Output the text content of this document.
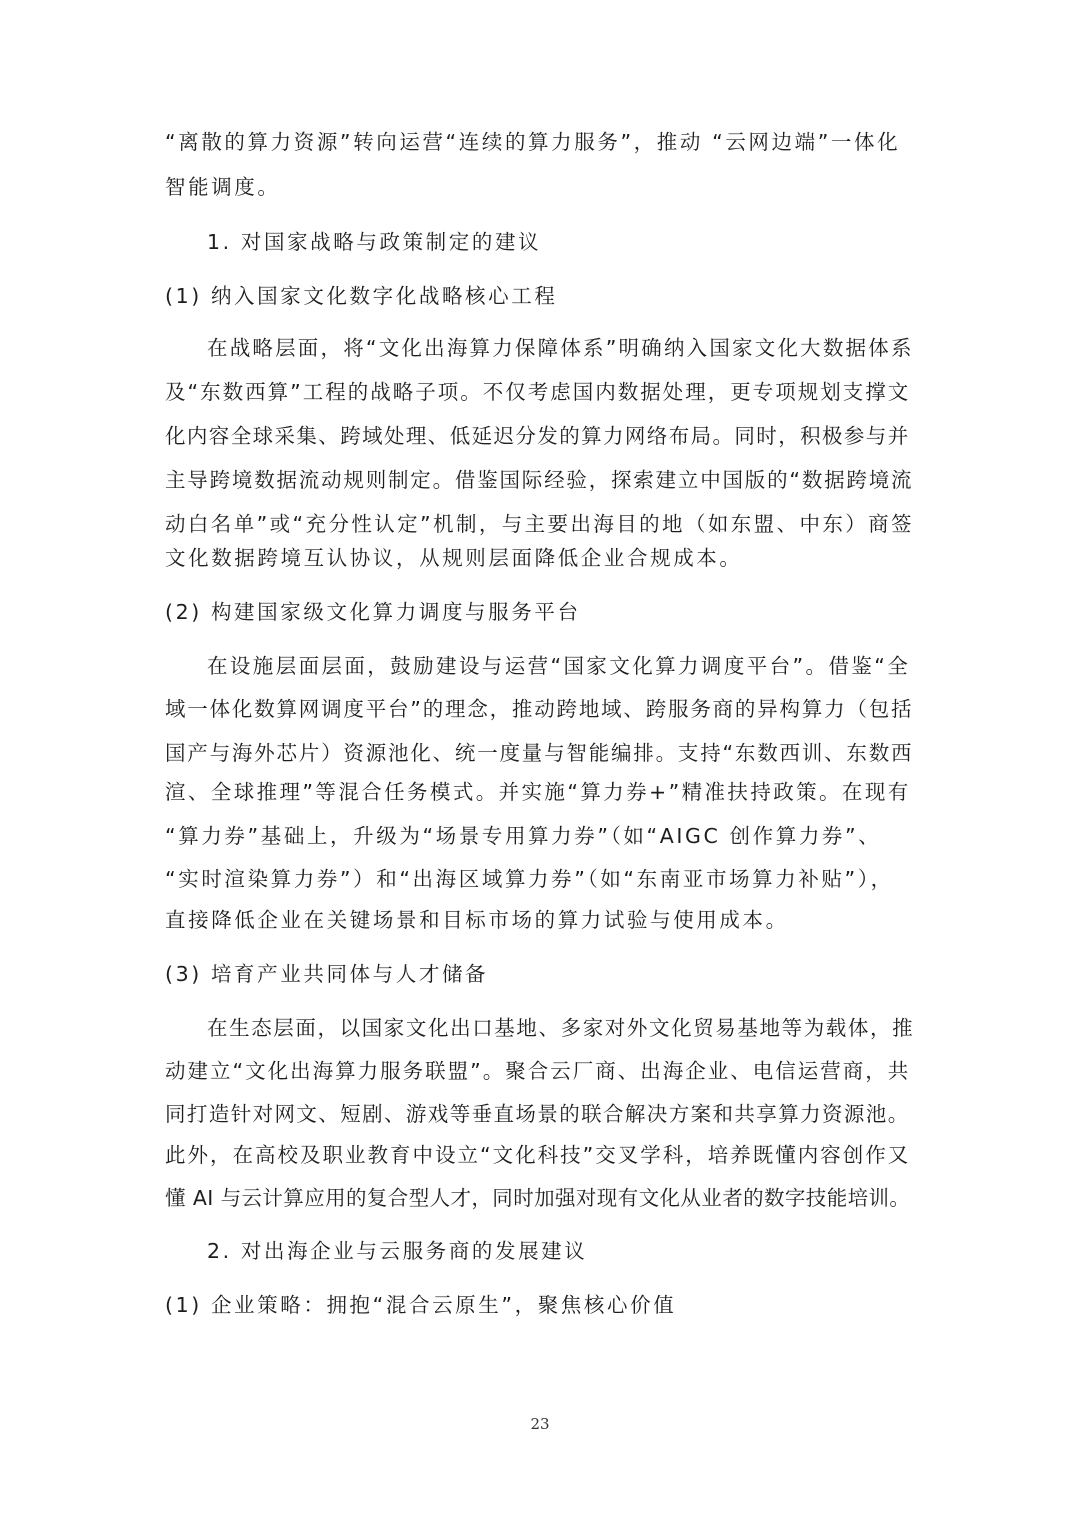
“离散的算力资源”转向运营“连续的算力服务”，推动 “云网边端”一体化

智能调度。

1. 对国家战略与政策制定的建议

(1) 纳入国家文化数字化战略核心工程

在战略层面，将“文化出海算力保障体系”明确纳入国家文化大数据体系

及“东数西算”工程的战略子项。不仅考虑国内数据处理，更专项规划支撑文

化内容全球采集、跨域处理、低延迟分发的算力网络布局。同时，积极参与并

主导跨境数据流动规则制定。借鉴国际经验，探索建立中国版的“数据跨境流

动白名单”或“充分性认定”机制，与主要出海目的地（如东盟、中东）商签

文化数据跨境互认协议，从规则层面降低企业合规成本。

(2) 构建国家级文化算力调度与服务平台

在设施层面层面，鼓励建设与运营“国家文化算力调度平台”。借鉴“全

域一体化数算网调度平台”的理念，推动跨地域、跨服务商的异构算力（包括

国产与海外芯片）资源池化、统一度量与智能编排。支持“东数西训、东数西

渲、全球推理”等混合任务模式。并实施“算力券+”精准扶持政策。在现有

“算力券”基础上，升级为“场景专用算力券”（如“AIGC 创作算力券”、

“实时渲染算力券”）和“出海区域算力券”（如“东南亚市场算力补贴”），

直接降低企业在关键场景和目标市场的算力试验与使用成本。

(3) 培育产业共同体与人才储备

在生态层面，以国家文化出口基地、多家对外文化贸易基地等为载体，推

动建立“文化出海算力服务联盟”。聚合云厂商、出海企业、电信运营商，共

同打造针对网文、短剧、游戏等垂直场景的联合解决方案和共享算力资源池。

此外，在高校及职业教育中设立“文化科技”交叉学科，培养既懂内容创作又

懂 AI 与云计算应用的复合型人才，同时加强对现有文化从业者的数字技能培训。

2. 对出海企业与云服务商的发展建议

(1) 企业策略：拥抱“混合云原生”，聚焦核心价值

23
